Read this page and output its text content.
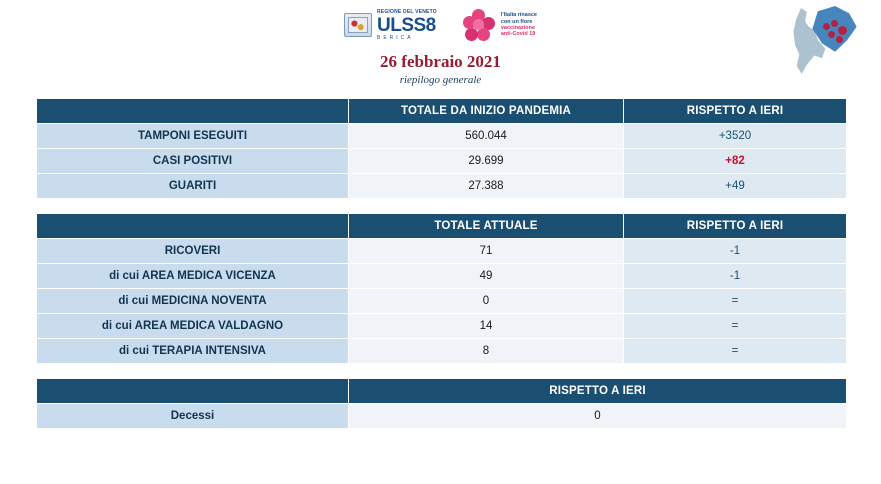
REGIONE DEL VENETO
ULSS8
BERICA
l'Italia rinasce
con un fiore
vaccinazione
anti-Covid 19
26 febbraio 2021
riepilogo generale
	TOTALE DA INIZIO PANDEMIA	RISPETTO A IERI
TAMPONI ESEGUITI	560.044	+3520
CASI POSITIVI	29.699	+82
GUARITI	27.388	+49
	TOTALE ATTUALE	RISPETTO A IERI
RICOVERI	71	-1
di cui AREA MEDICA VICENZA	49	-1
di cui MEDICINA NOVENTA	0	=
di cui AREA MEDICA VALDAGNO	14	=
di cui TERAPIA INTENSIVA	8	=
	RISPETTO A IERI
Decessi	0
